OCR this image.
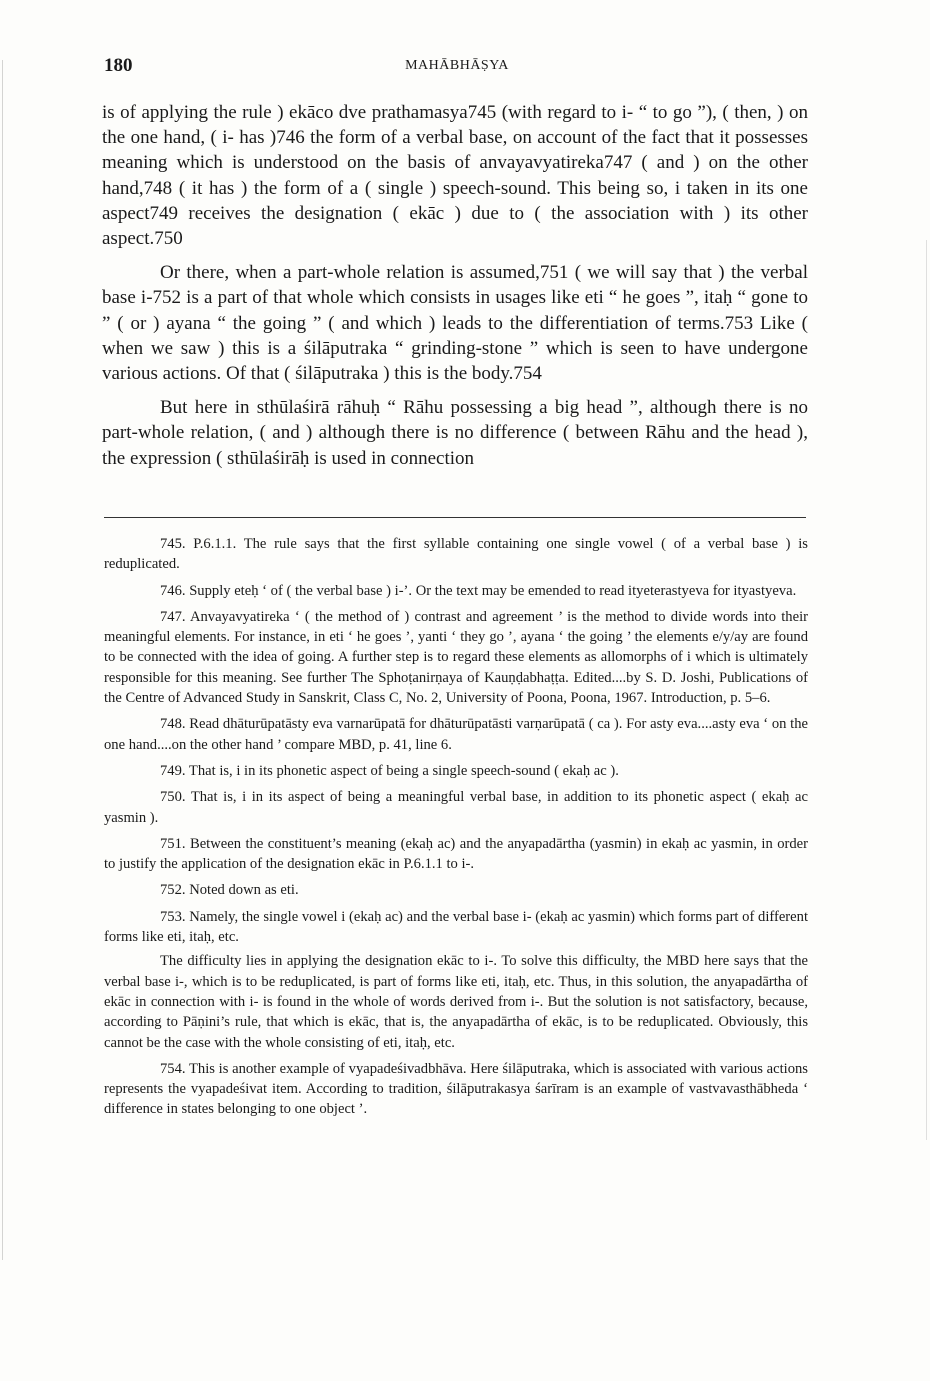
180	MAHĀBHĀṢYA

is of applying the rule ) ekāco dve prathamasya745 (with regard to i- “ to go ”), ( then, ) on the one hand, ( i- has )746 the form of a verbal base, on account of the fact that it possesses meaning which is understood on the basis of anvayavyatireka747 ( and ) on the other hand,748 ( it has ) the form of a ( single ) speech-sound. This being so, i taken in its one aspect749 receives the designation ( ekāc ) due to ( the association with ) its other aspect.750

Or there, when a part-whole relation is assumed,751 ( we will say that ) the verbal base i-752 is a part of that whole which consists in usages like eti “ he goes ”, itaḥ “ gone to ” ( or ) ayana “ the going ” ( and which ) leads to the differentiation of terms.753 Like ( when we saw ) this is a śilāputraka “ grinding-stone ” which is seen to have undergone various actions. Of that ( śilāputraka ) this is the body.754

But here in sthūlaśirā rāhuḥ “ Rāhu possessing a big head ”, although there is no part-whole relation, ( and ) although there is no difference ( between Rāhu and the head ), the expression ( sthūlaśirāḥ is used in connection

745. P.6.1.1. The rule says that the first syllable containing one single vowel ( of a verbal base ) is reduplicated.

746. Supply eteḥ ‘ of ( the verbal base ) i-’. Or the text may be emended to read ityeterastyeva for ityastyeva.

747. Anvayavyatireka ‘ ( the method of ) contrast and agreement ’ is the method to divide words into their meaningful elements. For instance, in eti ‘ he goes ’, yanti ‘ they go ’, ayana ‘ the going ’ the elements e/y/ay are found to be connected with the idea of going. A further step is to regard these elements as allomorphs of i which is ultimately responsible for this meaning. See further The Sphoṭanirṇaya of Kauṇḍabhaṭṭa. Edited....by S. D. Joshi, Publications of the Centre of Advanced Study in Sanskrit, Class C, No. 2, University of Poona, Poona, 1967. Introduction, p. 5–6.

748. Read dhāturūpatāsty eva varnarūpatā for dhāturūpatāsti varṇarūpatā ( ca ). For asty eva....asty eva ‘ on the one hand....on the other hand ’ compare MBD, p. 41, line 6.

749. That is, i in its phonetic aspect of being a single speech-sound ( ekaḥ ac ).

750. That is, i in its aspect of being a meaningful verbal base, in addition to its phonetic aspect ( ekaḥ ac yasmin ).

751. Between the constituent’s meaning (ekaḥ ac) and the anyapadārtha (yasmin) in ekaḥ ac yasmin, in order to justify the application of the designation ekāc in P.6.1.1 to i-.

752. Noted down as eti.

753. Namely, the single vowel i (ekaḥ ac) and the verbal base i- (ekaḥ ac yasmin) which forms part of different forms like eti, itaḥ, etc.

The difficulty lies in applying the designation ekāc to i-. To solve this difficulty, the MBD here says that the verbal base i-, which is to be reduplicated, is part of forms like eti, itaḥ, etc. Thus, in this solution, the anyapadārtha of ekāc in connection with i- is found in the whole of words derived from i-. But the solution is not satisfactory, because, according to Pāṇini’s rule, that which is ekāc, that is, the anyapadārtha of ekāc, is to be reduplicated. Obviously, this cannot be the case with the whole consisting of eti, itaḥ, etc.

754. This is another example of vyapadeśivadbhāva. Here śilāputraka, which is associated with various actions represents the vyapadeśivat item. According to tradition, śilāputrakasya śarīram is an example of vastvavasthābheda ‘ difference in states belonging to one object ’.
